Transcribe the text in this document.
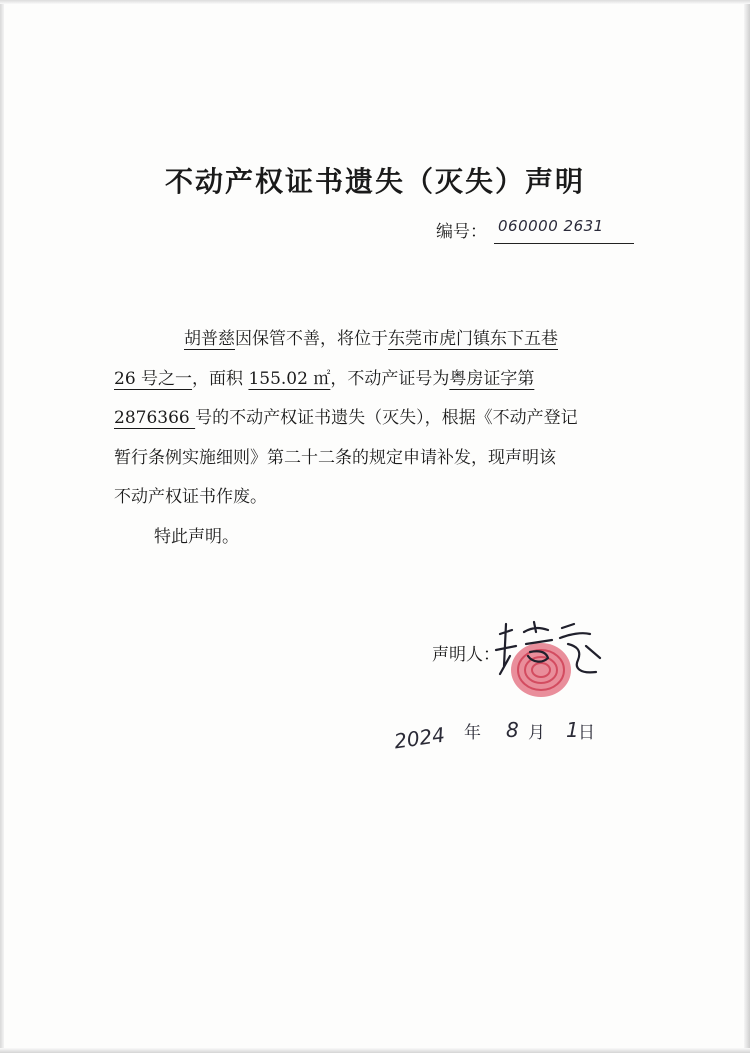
不动产权证书遗失（灭失）声明
编号： 060000 2631
胡普慈因保管不善，将位于东莞市虎门镇东下五巷
26 号之一，面积 155.02 ㎡，不动产证号为粤房证字第
2876366 号的不动产权证书遗失（灭失），根据《不动产登记
暂行条例实施细则》第二十二条的规定申请补发，现声明该
不动产权证书作废。
特此声明。
声明人：
2024 年 8 月 1 日
